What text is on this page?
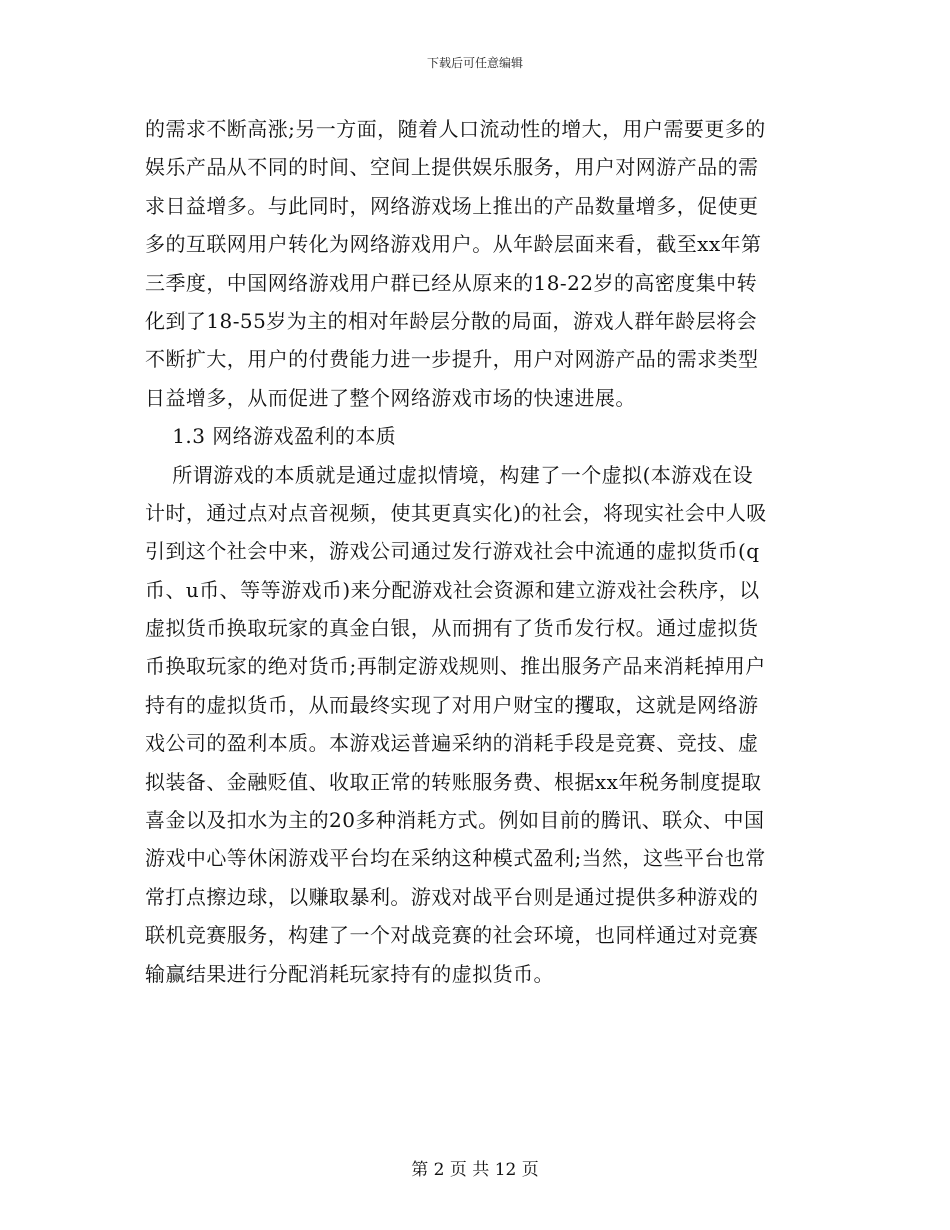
下载后可任意编辑
的需求不断高涨;另一方面，随着人口流动性的增大，用户需要更多的
娱乐产品从不同的时间、空间上提供娱乐服务，用户对网游产品的需
求日益增多。与此同时，网络游戏场上推出的产品数量增多，促使更
多的互联网用户转化为网络游戏用户。从年龄层面来看，截至xx年第
三季度，中国网络游戏用户群已经从原来的18-22岁的高密度集中转
化到了18-55岁为主的相对年龄层分散的局面，游戏人群年龄层将会
不断扩大，用户的付费能力进一步提升，用户对网游产品的需求类型
日益增多，从而促进了整个网络游戏市场的快速进展。
1.3 网络游戏盈利的本质
所谓游戏的本质就是通过虚拟情境，构建了一个虚拟(本游戏在设
计时，通过点对点音视频，使其更真实化)的社会，将现实社会中人吸
引到这个社会中来，游戏公司通过发行游戏社会中流通的虚拟货币(q
币、u币、等等游戏币)来分配游戏社会资源和建立游戏社会秩序，以
虚拟货币换取玩家的真金白银，从而拥有了货币发行权。通过虚拟货
币换取玩家的绝对货币;再制定游戏规则、推出服务产品来消耗掉用户
持有的虚拟货币，从而最终实现了对用户财宝的攫取，这就是网络游
戏公司的盈利本质。本游戏运普遍采纳的消耗手段是竞赛、竞技、虚
拟装备、金融贬值、收取正常的转账服务费、根据xx年税务制度提取
喜金以及扣水为主的20多种消耗方式。例如目前的腾讯、联众、中国
游戏中心等休闲游戏平台均在采纳这种模式盈利;当然，这些平台也常
常打点擦边球，以赚取暴利。游戏对战平台则是通过提供多种游戏的
联机竞赛服务，构建了一个对战竞赛的社会环境，也同样通过对竞赛
输赢结果进行分配消耗玩家持有的虚拟货币。
第 2 页 共 12 页
